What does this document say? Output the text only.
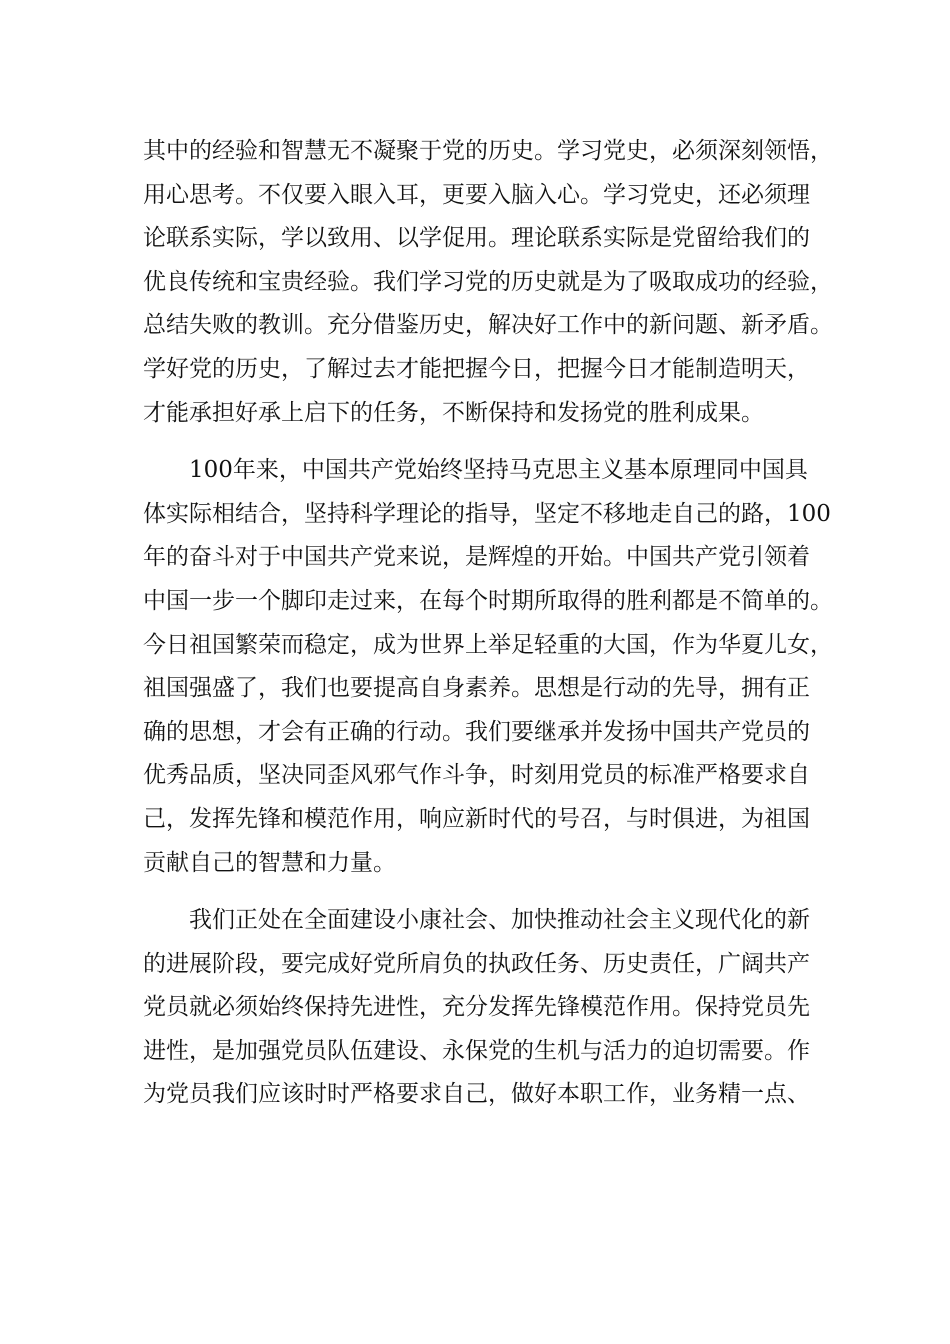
其中的经验和智慧无不凝聚于党的历史。学习党史，必须深刻领悟，
用心思考。不仅要入眼入耳，更要入脑入心。学习党史，还必须理
论联系实际，学以致用、以学促用。理论联系实际是党留给我们的
优良传统和宝贵经验。我们学习党的历史就是为了吸取成功的经验，
总结失败的教训。充分借鉴历史，解决好工作中的新问题、新矛盾。
学好党的历史，了解过去才能把握今日，把握今日才能制造明天，
才能承担好承上启下的任务，不断保持和发扬党的胜利成果。
100年来，中国共产党始终坚持马克思主义基本原理同中国具
体实际相结合，坚持科学理论的指导，坚定不移地走自己的路，100
年的奋斗对于中国共产党来说，是辉煌的开始。中国共产党引领着
中国一步一个脚印走过来，在每个时期所取得的胜利都是不简单的。
今日祖国繁荣而稳定，成为世界上举足轻重的大国，作为华夏儿女，
祖国强盛了，我们也要提高自身素养。思想是行动的先导，拥有正
确的思想，才会有正确的行动。我们要继承并发扬中国共产党员的
优秀品质，坚决同歪风邪气作斗争，时刻用党员的标准严格要求自
己，发挥先锋和模范作用，响应新时代的号召，与时俱进，为祖国
贡献自己的智慧和力量。
我们正处在全面建设小康社会、加快推动社会主义现代化的新
的进展阶段，要完成好党所肩负的执政任务、历史责任，广阔共产
党员就必须始终保持先进性，充分发挥先锋模范作用。保持党员先
进性，是加强党员队伍建设、永保党的生机与活力的迫切需要。作
为党员我们应该时时严格要求自己，做好本职工作，业务精一点、
